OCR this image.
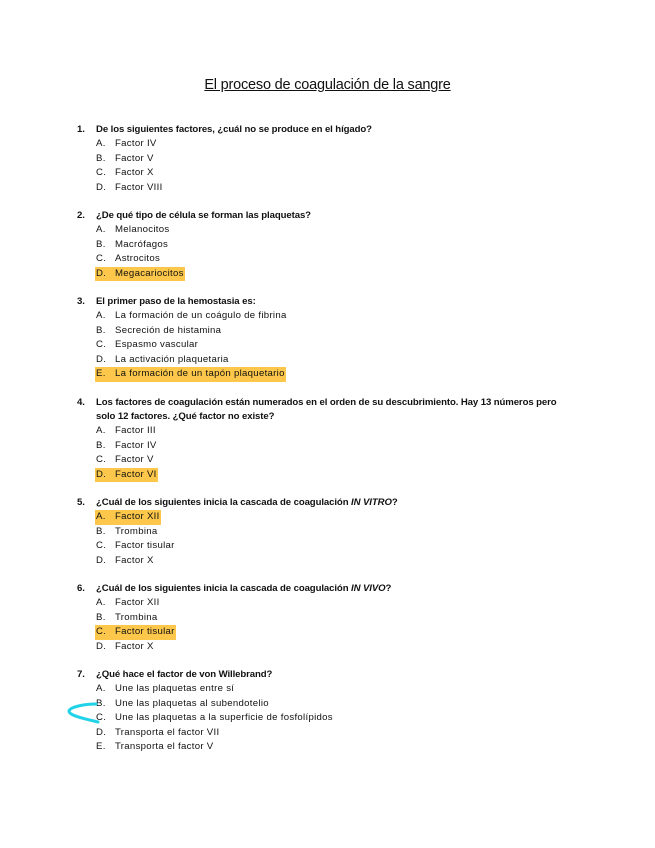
El proceso de coagulación de la sangre
1.	De los siguientes factores, ¿cuál no se produce en el hígado?
A. Factor IV
B. Factor V
C. Factor X
D. Factor VIII
2.	¿De qué tipo de célula se forman las plaquetas?
A. Melanocitos
B. Macrófagos
C. Astrocitos
D. Megacariocitos
3.	El primer paso de la hemostasia es:
A. La formación de un coágulo de fibrina
B. Secreción de histamina
C. Espasmo vascular
D. La activación plaquetaria
E. La formación de un tapón plaquetario
4.	Los factores de coagulación están numerados en el orden de su descubrimiento. Hay 13 números pero solo 12 factores. ¿Qué factor no existe?
A. Factor III
B. Factor IV
C. Factor V
D. Factor VI
5.	¿Cuál de los siguientes inicia la cascada de coagulación IN VITRO?
A. Factor XII
B. Trombina
C. Factor tisular
D. Factor X
6.	¿Cuál de los siguientes inicia la cascada de coagulación IN VIVO?
A. Factor XII
B. Trombina
C. Factor tisular
D. Factor X
7.	¿Qué hace el factor de von Willebrand?
A. Une las plaquetas entre sí
B. Une las plaquetas al subendotelio
C. Une las plaquetas a la superficie de fosfolípidos
D. Transporta el factor VII
E. Transporta el factor V
